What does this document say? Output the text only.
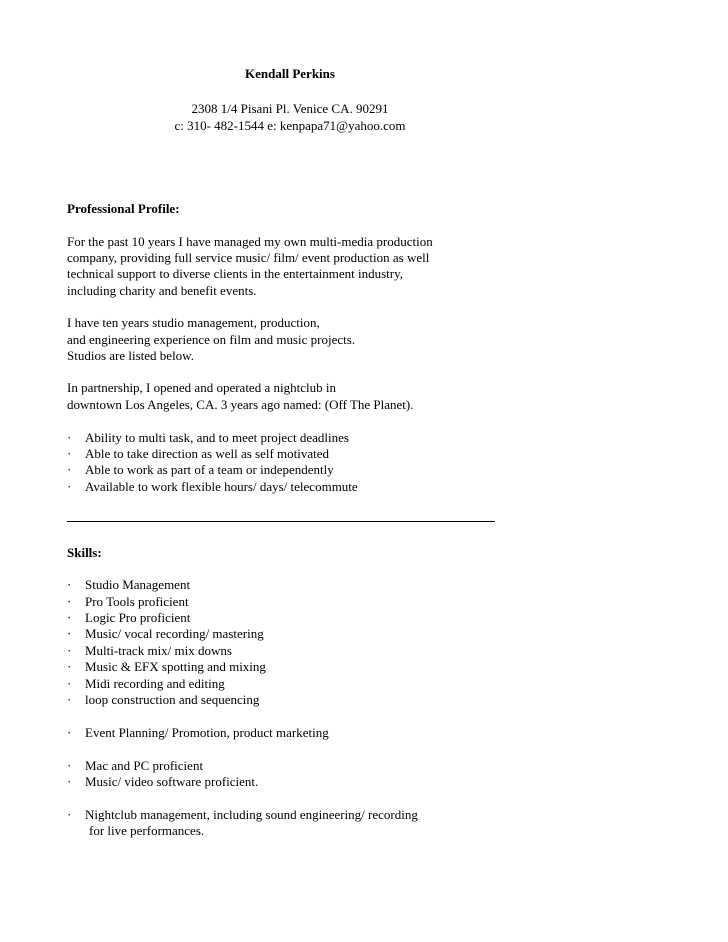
Kendall Perkins
2308 1/4 Pisani Pl. Venice CA. 90291
c: 310- 482-1544 e: kenpapa71@yahoo.com
Professional Profile:
For the past 10 years I have managed my own multi-media production
company, providing full service music/ film/ event production as well
technical support to diverse clients in the entertainment industry,
including charity and benefit events.
I have ten years studio management, production,
and engineering experience on film and music projects.
Studios are listed below.
In partnership, I opened and operated a nightclub in
downtown Los Angeles, CA. 3 years ago named: (Off The Planet).
· Ability to multi task, and to meet project deadlines
· Able to take direction as well as self motivated
· Able to work as part of a team or independently
· Available to work flexible hours/ days/ telecommute
Skills:
· Studio Management
· Pro Tools proficient
· Logic Pro proficient
· Music/ vocal recording/ mastering
· Multi-track mix/ mix downs
· Music & EFX spotting and mixing
· Midi recording and editing
· loop construction and sequencing
· Event Planning/ Promotion, product marketing
· Mac and PC proficient
· Music/ video software proficient.
· Nightclub management, including sound engineering/ recording
for live performances.
